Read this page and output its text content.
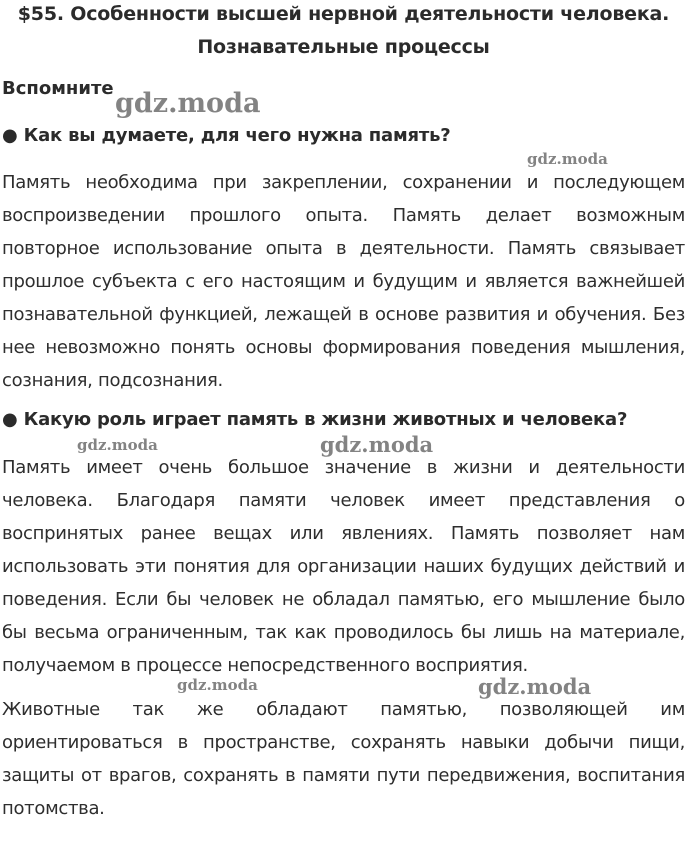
$55. Особенности высшей нервной деятельности человека.
Познавательные процессы
Вспомните
● Как вы думаете, для чего нужна память?
Память необходима при закреплении, сохранении и последующем воспроизведении прошлого опыта. Память делает возможным повторное использование опыта в деятельности. Память связывает прошлое субъекта с его настоящим и будущим и является важнейшей познавательной функцией, лежащей в основе развития и обучения. Без нее невозможно понять основы формирования поведения мышления, сознания, подсознания.
● Какую роль играет память в жизни животных и человека?
Память имеет очень большое значение в жизни и деятельности человека. Благодаря памяти человек имеет представления о воспринятых ранее вещах или явлениях. Память позволяет нам использовать эти понятия для организации наших будущих действий и поведения. Если бы человек не обладал памятью, его мышление было бы весьма ограниченным, так как проводилось бы лишь на материале, получаемом в процессе непосредственного восприятия.
Животные так же обладают памятью, позволяющей им ориентироваться в пространстве, сохранять навыки добычи пищи, защиты от врагов, сохранять в памяти пути передвижения, воспитания потомства.
gdz.moda
gdz.moda
gdz.moda
gdz.moda
gdz.moda	gdz.moda
